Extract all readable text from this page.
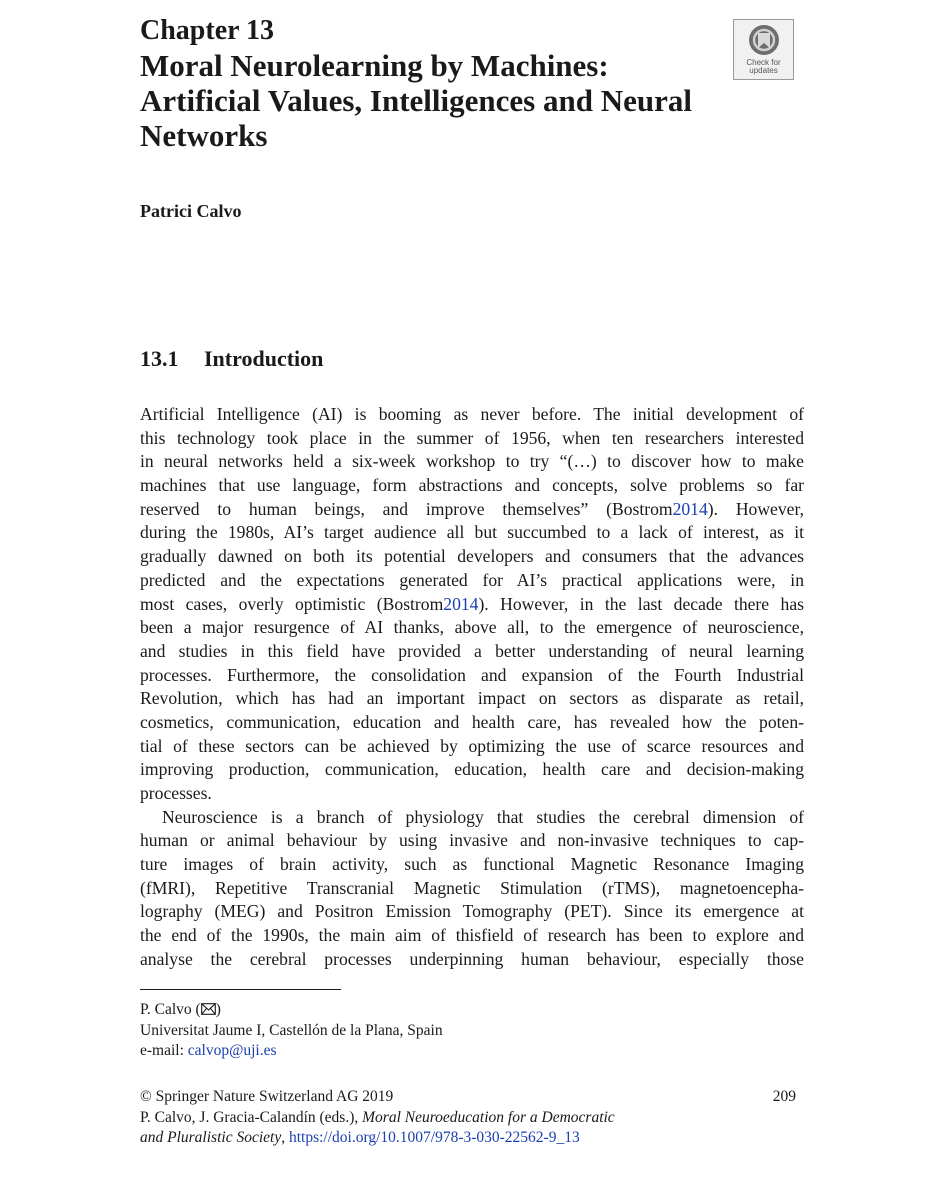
Chapter 13
Moral Neurolearning by Machines:
Artificial Values, Intelligences and Neural
Networks
Check for
updates

Patrici Calvo

13.1 Introduction
Artificial Intelligence (AI) is booming as never before. The initial development of
this technology took place in the summer of 1956, when ten researchers interested
in neural networks held a six-week workshop to try “(…) to discover how to make
machines that use language, form abstractions and concepts, solve problems so far
reserved to human beings, and improve themselves” (Bostrom2014). However,
during the 1980s, AI’s target audience all but succumbed to a lack of interest, as it
gradually dawned on both its potential developers and consumers that the advances
predicted and the expectations generated for AI’s practical applications were, in
most cases, overly optimistic (Bostrom2014). However, in the last decade there has
been a major resurgence of AI thanks, above all, to the emergence of neuroscience,
and studies in this field have provided a better understanding of neural learning
processes. Furthermore, the consolidation and expansion of the Fourth Industrial
Revolution, which has had an important impact on sectors as disparate as retail,
cosmetics, communication, education and health care, has revealed how the poten-
tial of these sectors can be achieved by optimizing the use of scarce resources and
improving production, communication, education, health care and decision-making
processes.
Neuroscience is a branch of physiology that studies the cerebral dimension of
human or animal behaviour by using invasive and non-invasive techniques to cap-
ture images of brain activity, such as functional Magnetic Resonance Imaging
(fMRI), Repetitive Transcranial Magnetic Stimulation (rTMS), magnetoencepha-
lography (MEG) and Positron Emission Tomography (PET). Since its emergence at
the end of the 1990s, the main aim of thisfield of research has been to explore and
analyse the cerebral processes underpinning human behaviour, especially those
P. Calvo ( )
Universitat Jaume I, Castellón de la Plana, Spain
e-mail: calvop@uji.es
© Springer Nature Switzerland AG 2019	209
P. Calvo, J. Gracia-Calandín (eds.), Moral Neuroeducation for a Democratic
and Pluralistic Society, https://doi.org/10.1007/978-3-030-22562-9_13
